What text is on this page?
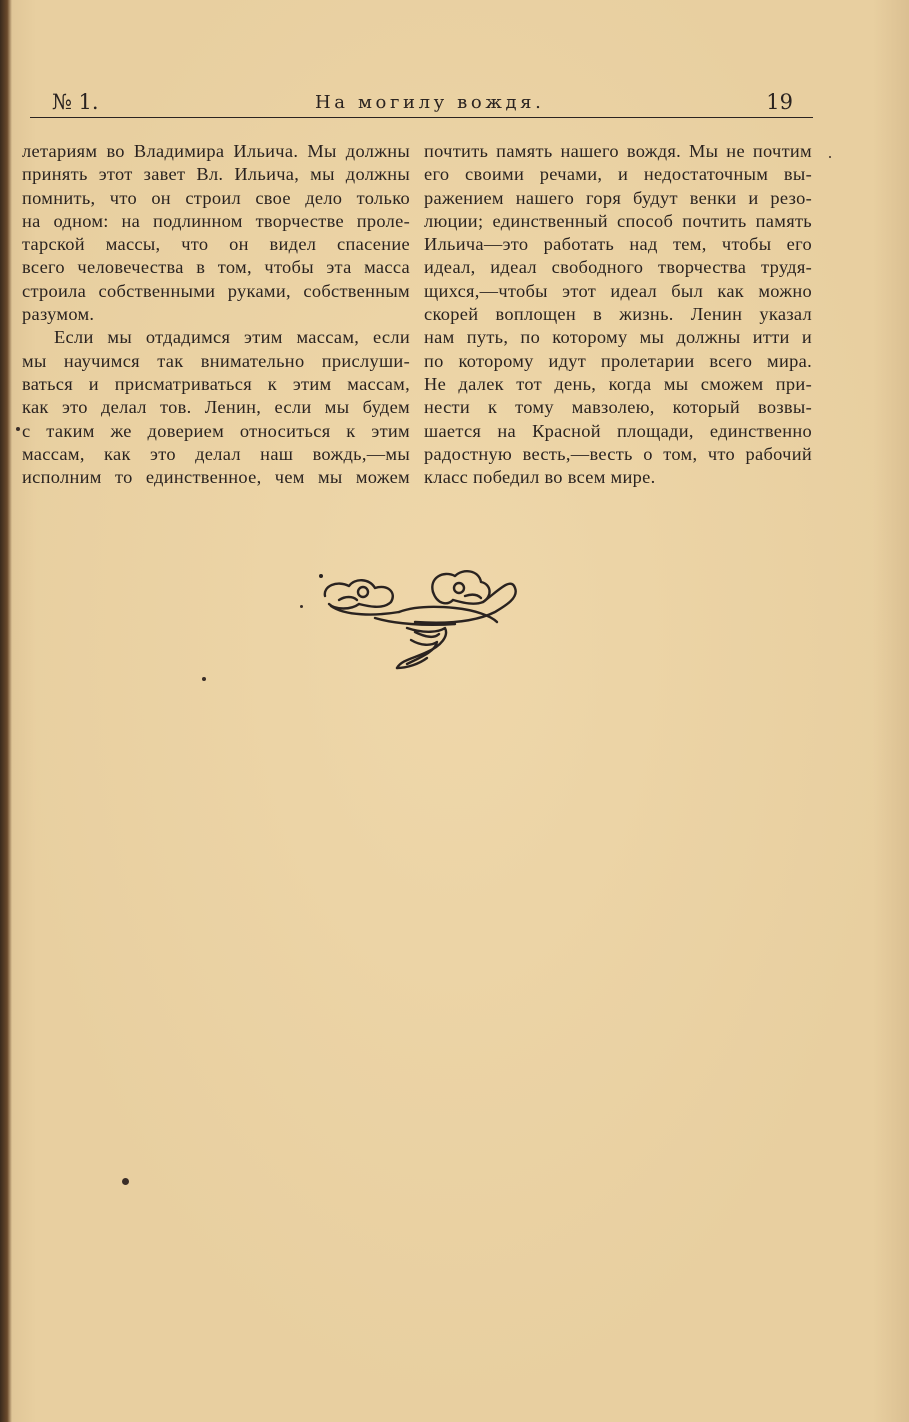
№ 1.	На могилу вождя.	19

летариям во Владимира Ильича. Мы должны
принять этот завет Вл. Ильича, мы должны
помнить, что он строил свое дело только
на одном: на подлинном творчестве проле-
тарской массы, что он видел спасение
всего человечества в том, чтобы эта масса
строила собственными руками, собственным
разумом.

Если мы отдадимся этим массам, если
мы научимся так внимательно прислуши-
ваться и присматриваться к этим массам,
как это делал тов. Ленин, если мы будем
с таким же доверием относиться к этим
массам, как это делал наш вождь,—мы
исполним то единственное, чем мы можем

почтить память нашего вождя. Мы не почтим
его своими речами, и недостаточным вы-
ражением нашего горя будут венки и резо-
люции; единственный способ почтить память
Ильича—это работать над тем, чтобы его
идеал, идеал свободного творчества трудя-
щихся,—чтобы этот идеал был как можно
скорей воплощен в жизнь. Ленин указал
нам путь, по которому мы должны итти и
по которому идут пролетарии всего мира.
Не далек тот день, когда мы сможем при-
нести к тому мавзолею, который возвы-
шается на Красной площади, единственно
радостную весть,—весть о том, что рабочий
класс победил во всем мире.
